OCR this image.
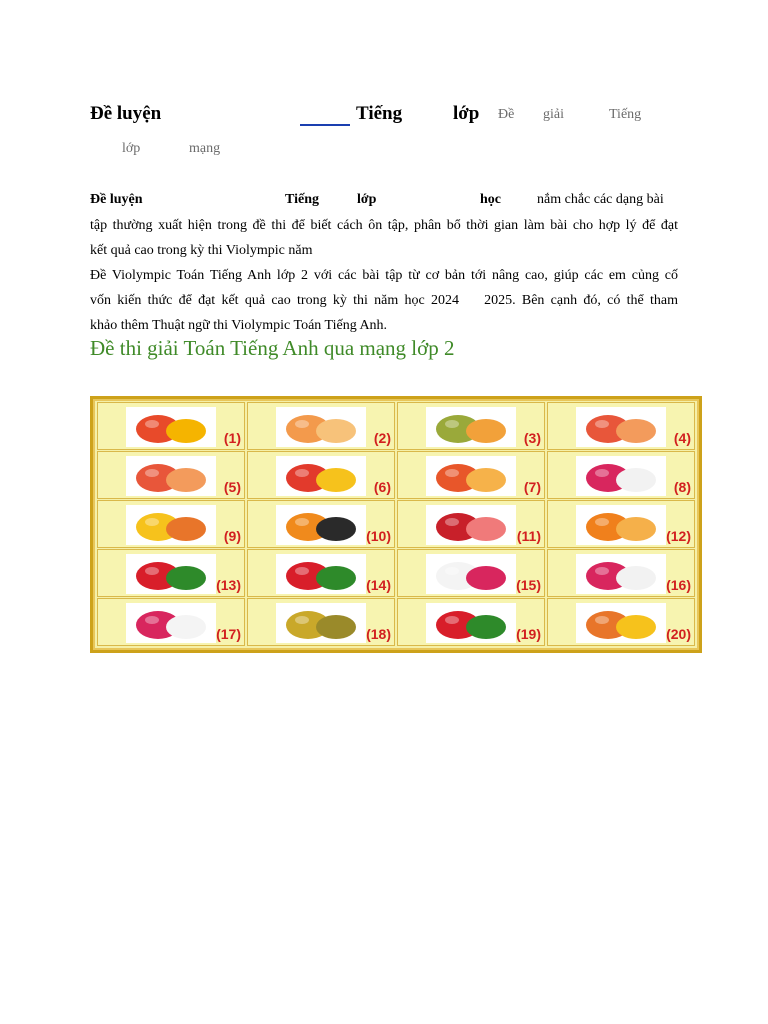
Đề luyện	Tiếng	lớp Đề giải	Tiếng
lớp	mạng
Đề luyện	Tiếng	lớp	học	nắm chắc các dạng bài
tập thường xuất hiện trong đề thi để biết cách ôn tập, phân bổ thời gian làm bài cho hợp lý để đạt
kết quả cao trong kỳ thi Violympic năm
Đề Violympic Toán Tiếng Anh lớp 2 với các bài tập từ cơ bản tới nâng cao, giúp các em củng cố
vốn kiến thức để đạt kết quả cao trong kỳ thi năm học 2024    2025. Bên cạnh đó, có thể tham
khảo thêm Thuật ngữ thi Violympic Toán Tiếng Anh.
Đề thi giải Toán Tiếng Anh qua mạng lớp 2
(1)	(2)	(3)	(4)
(5)	(6)	(7)	(8)
(9)	(10)	(11)	(12)
(13)	(14)	(15)	(16)
(17)	(18)	(19)	(20)
